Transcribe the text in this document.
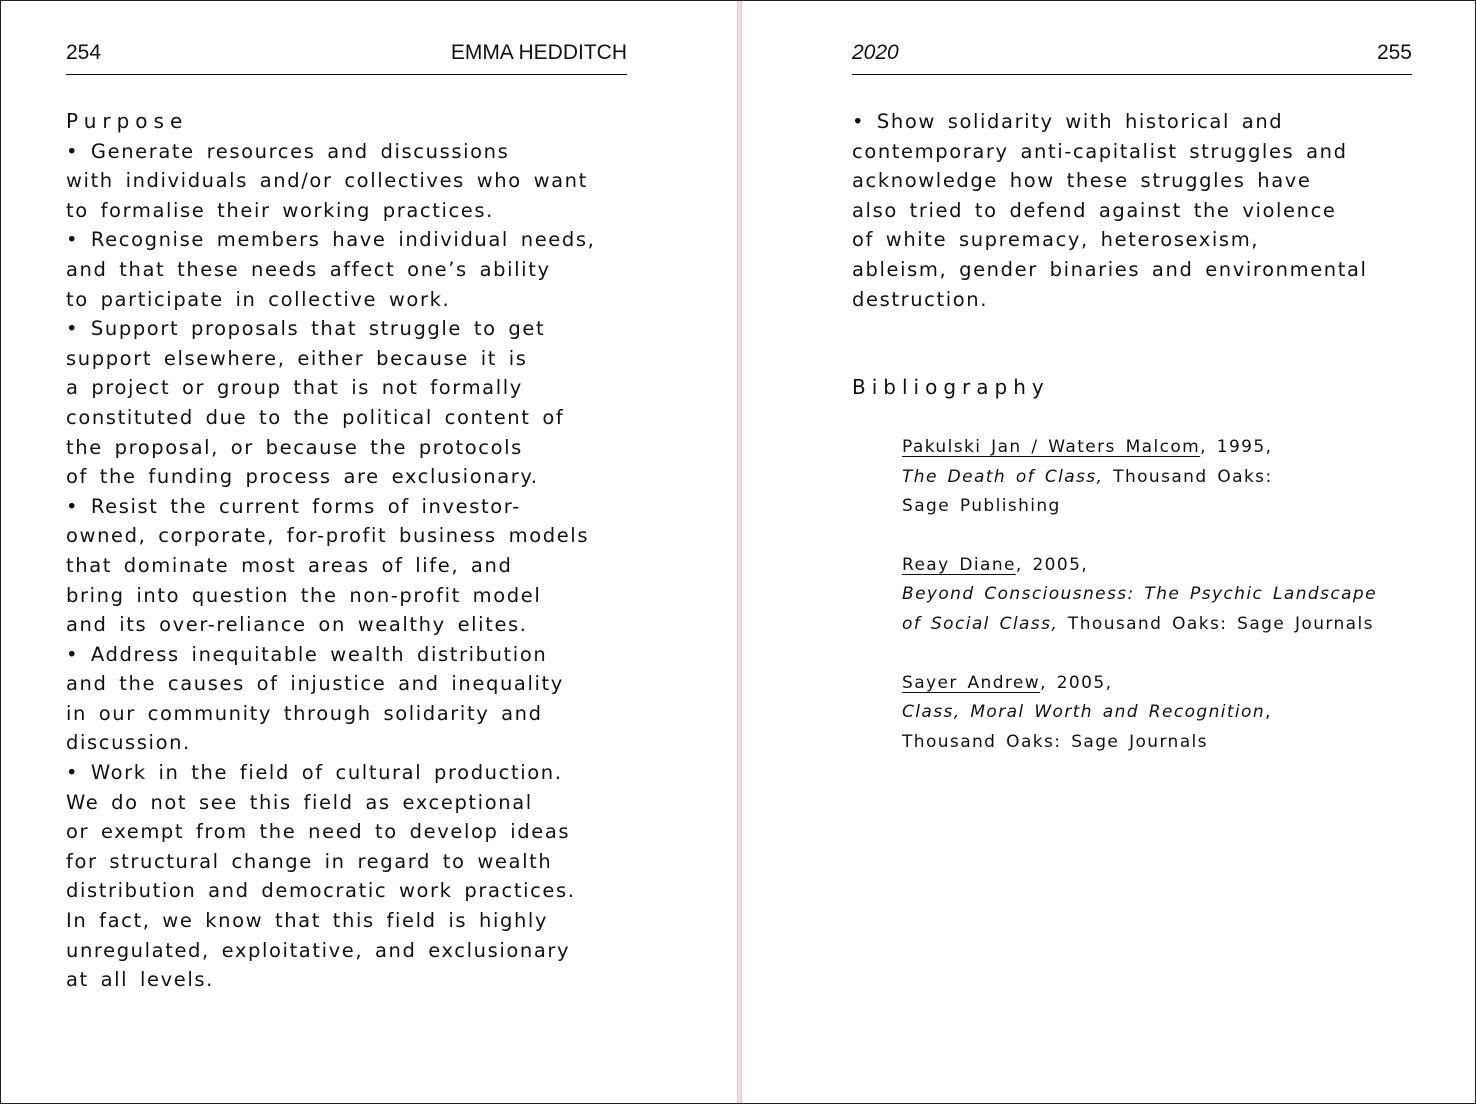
254	EMMA HEDDITCH
Purpose
• Generate resources and discussions
with individuals and/or collectives who want
to formalise their working practices.
• Recognise members have individual needs,
and that these needs affect one’s ability
to participate in collective work.
• Support proposals that struggle to get
support elsewhere, either because it is
a project or group that is not formally
constituted due to the political content of
the proposal, or because the protocols
of the funding process are exclusionary.
• Resist the current forms of investor-
owned, corporate, for-profit business models
that dominate most areas of life, and
bring into question the non-profit model
and its over-reliance on wealthy elites.
• Address inequitable wealth distribution
and the causes of injustice and inequality
in our community through solidarity and
discussion.
• Work in the field of cultural production.
We do not see this field as exceptional
or exempt from the need to develop ideas
for structural change in regard to wealth
distribution and democratic work practices.
In fact, we know that this field is highly
unregulated, exploitative, and exclusionary
at all levels.
2020	255
• Show solidarity with historical and
contemporary anti-capitalist struggles and
acknowledge how these struggles have
also tried to defend against the violence
of white supremacy, heterosexism,
ableism, gender binaries and environmental
destruction.
Bibliography
Pakulski Jan / Waters Malcom, 1995,
The Death of Class, Thousand Oaks:
Sage Publishing
Reay Diane, 2005,
Beyond Consciousness: The Psychic Landscape
of Social Class, Thousand Oaks: Sage Journals
Sayer Andrew, 2005,
Class, Moral Worth and Recognition,
Thousand Oaks: Sage Journals
